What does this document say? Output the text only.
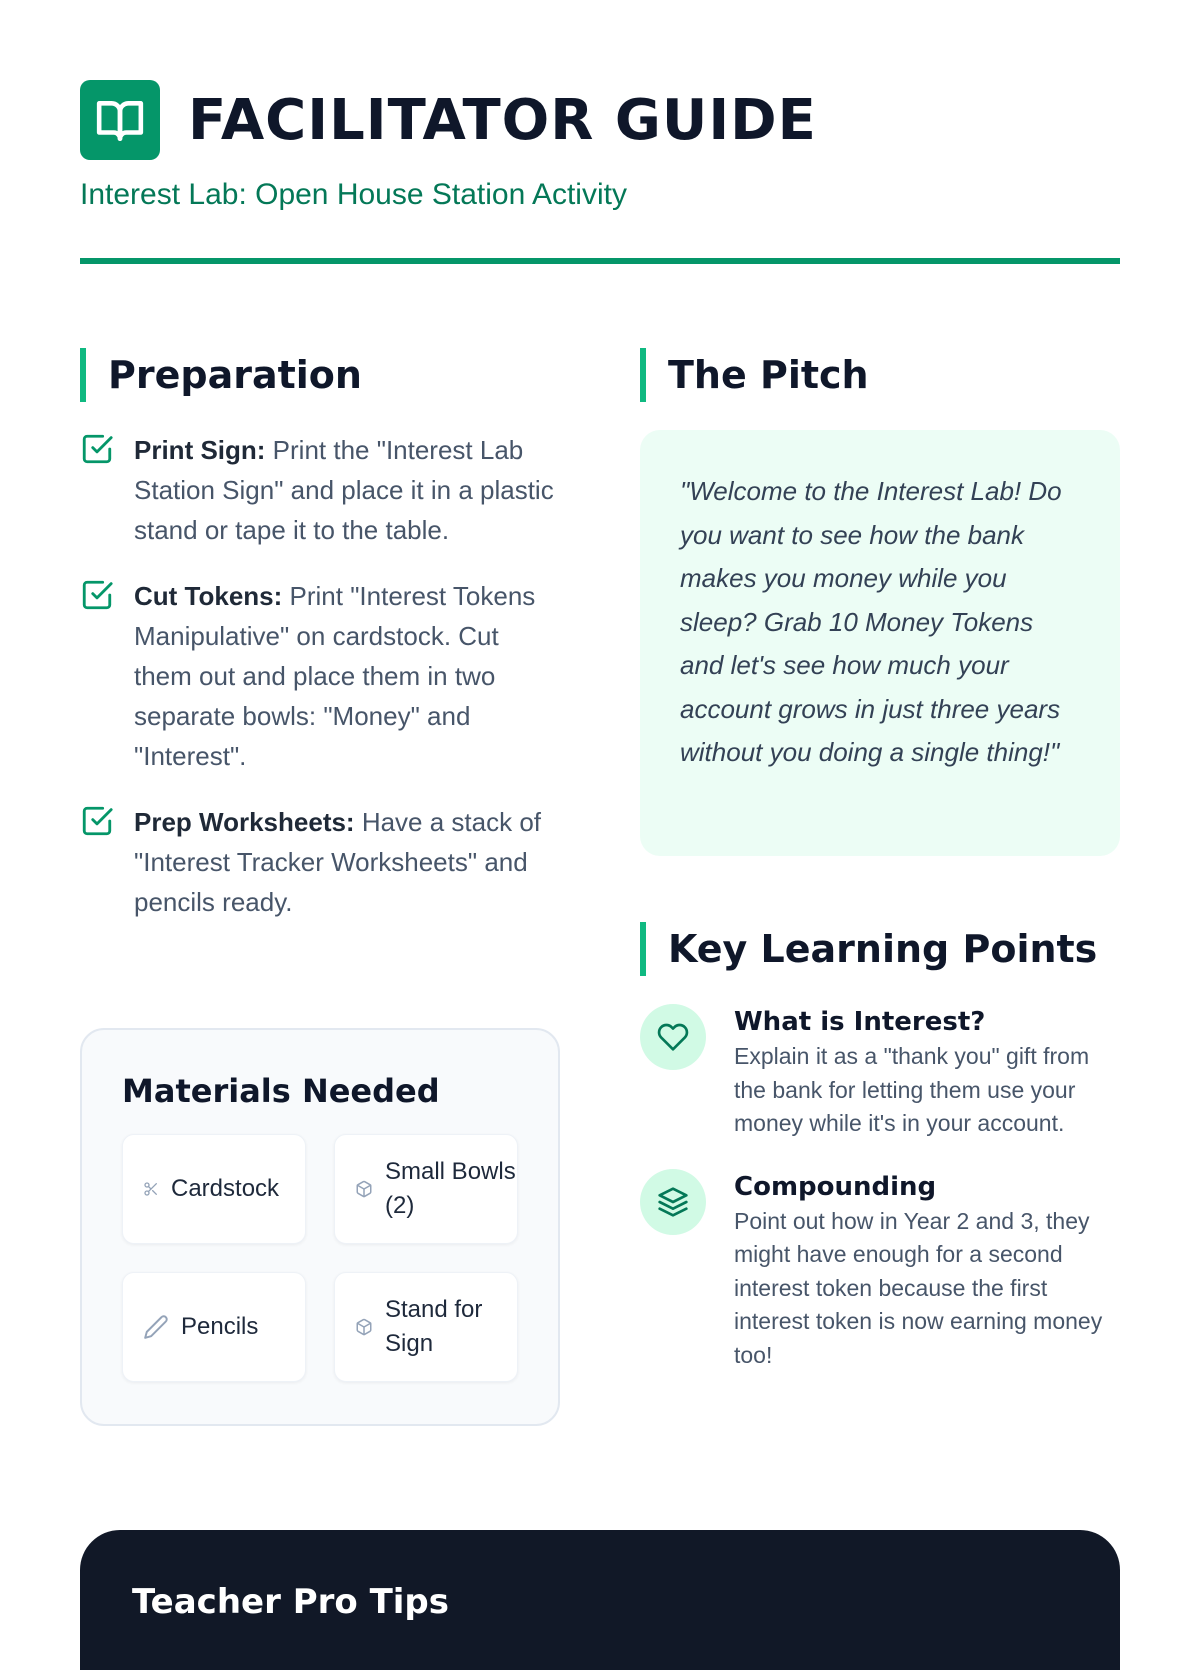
FACILITATOR GUIDE
Interest Lab: Open House Station Activity
Preparation
Print Sign: Print the "Interest Lab Station Sign" and place it in a plastic stand or tape it to the table.
Cut Tokens: Print "Interest Tokens Manipulative" on cardstock. Cut them out and place them in two separate bowls: "Money" and "Interest".
Prep Worksheets: Have a stack of "Interest Tracker Worksheets" and pencils ready.
Materials Needed
Cardstock
Small Bowls (2)
Pencils
Stand for Sign
The Pitch

"Welcome to the Interest Lab! Do you want to see how the bank makes you money while you sleep? Grab 10 Money Tokens and let's see how much your account grows in just three years without you doing a single thing!"

Key Learning Points
What is Interest?
Explain it as a "thank you" gift from the bank for letting them use your money while it's in your account.
Compounding
Point out how in Year 2 and 3, they might have enough for a second interest token because the first interest token is now earning money too!
Teacher Pro Tips
